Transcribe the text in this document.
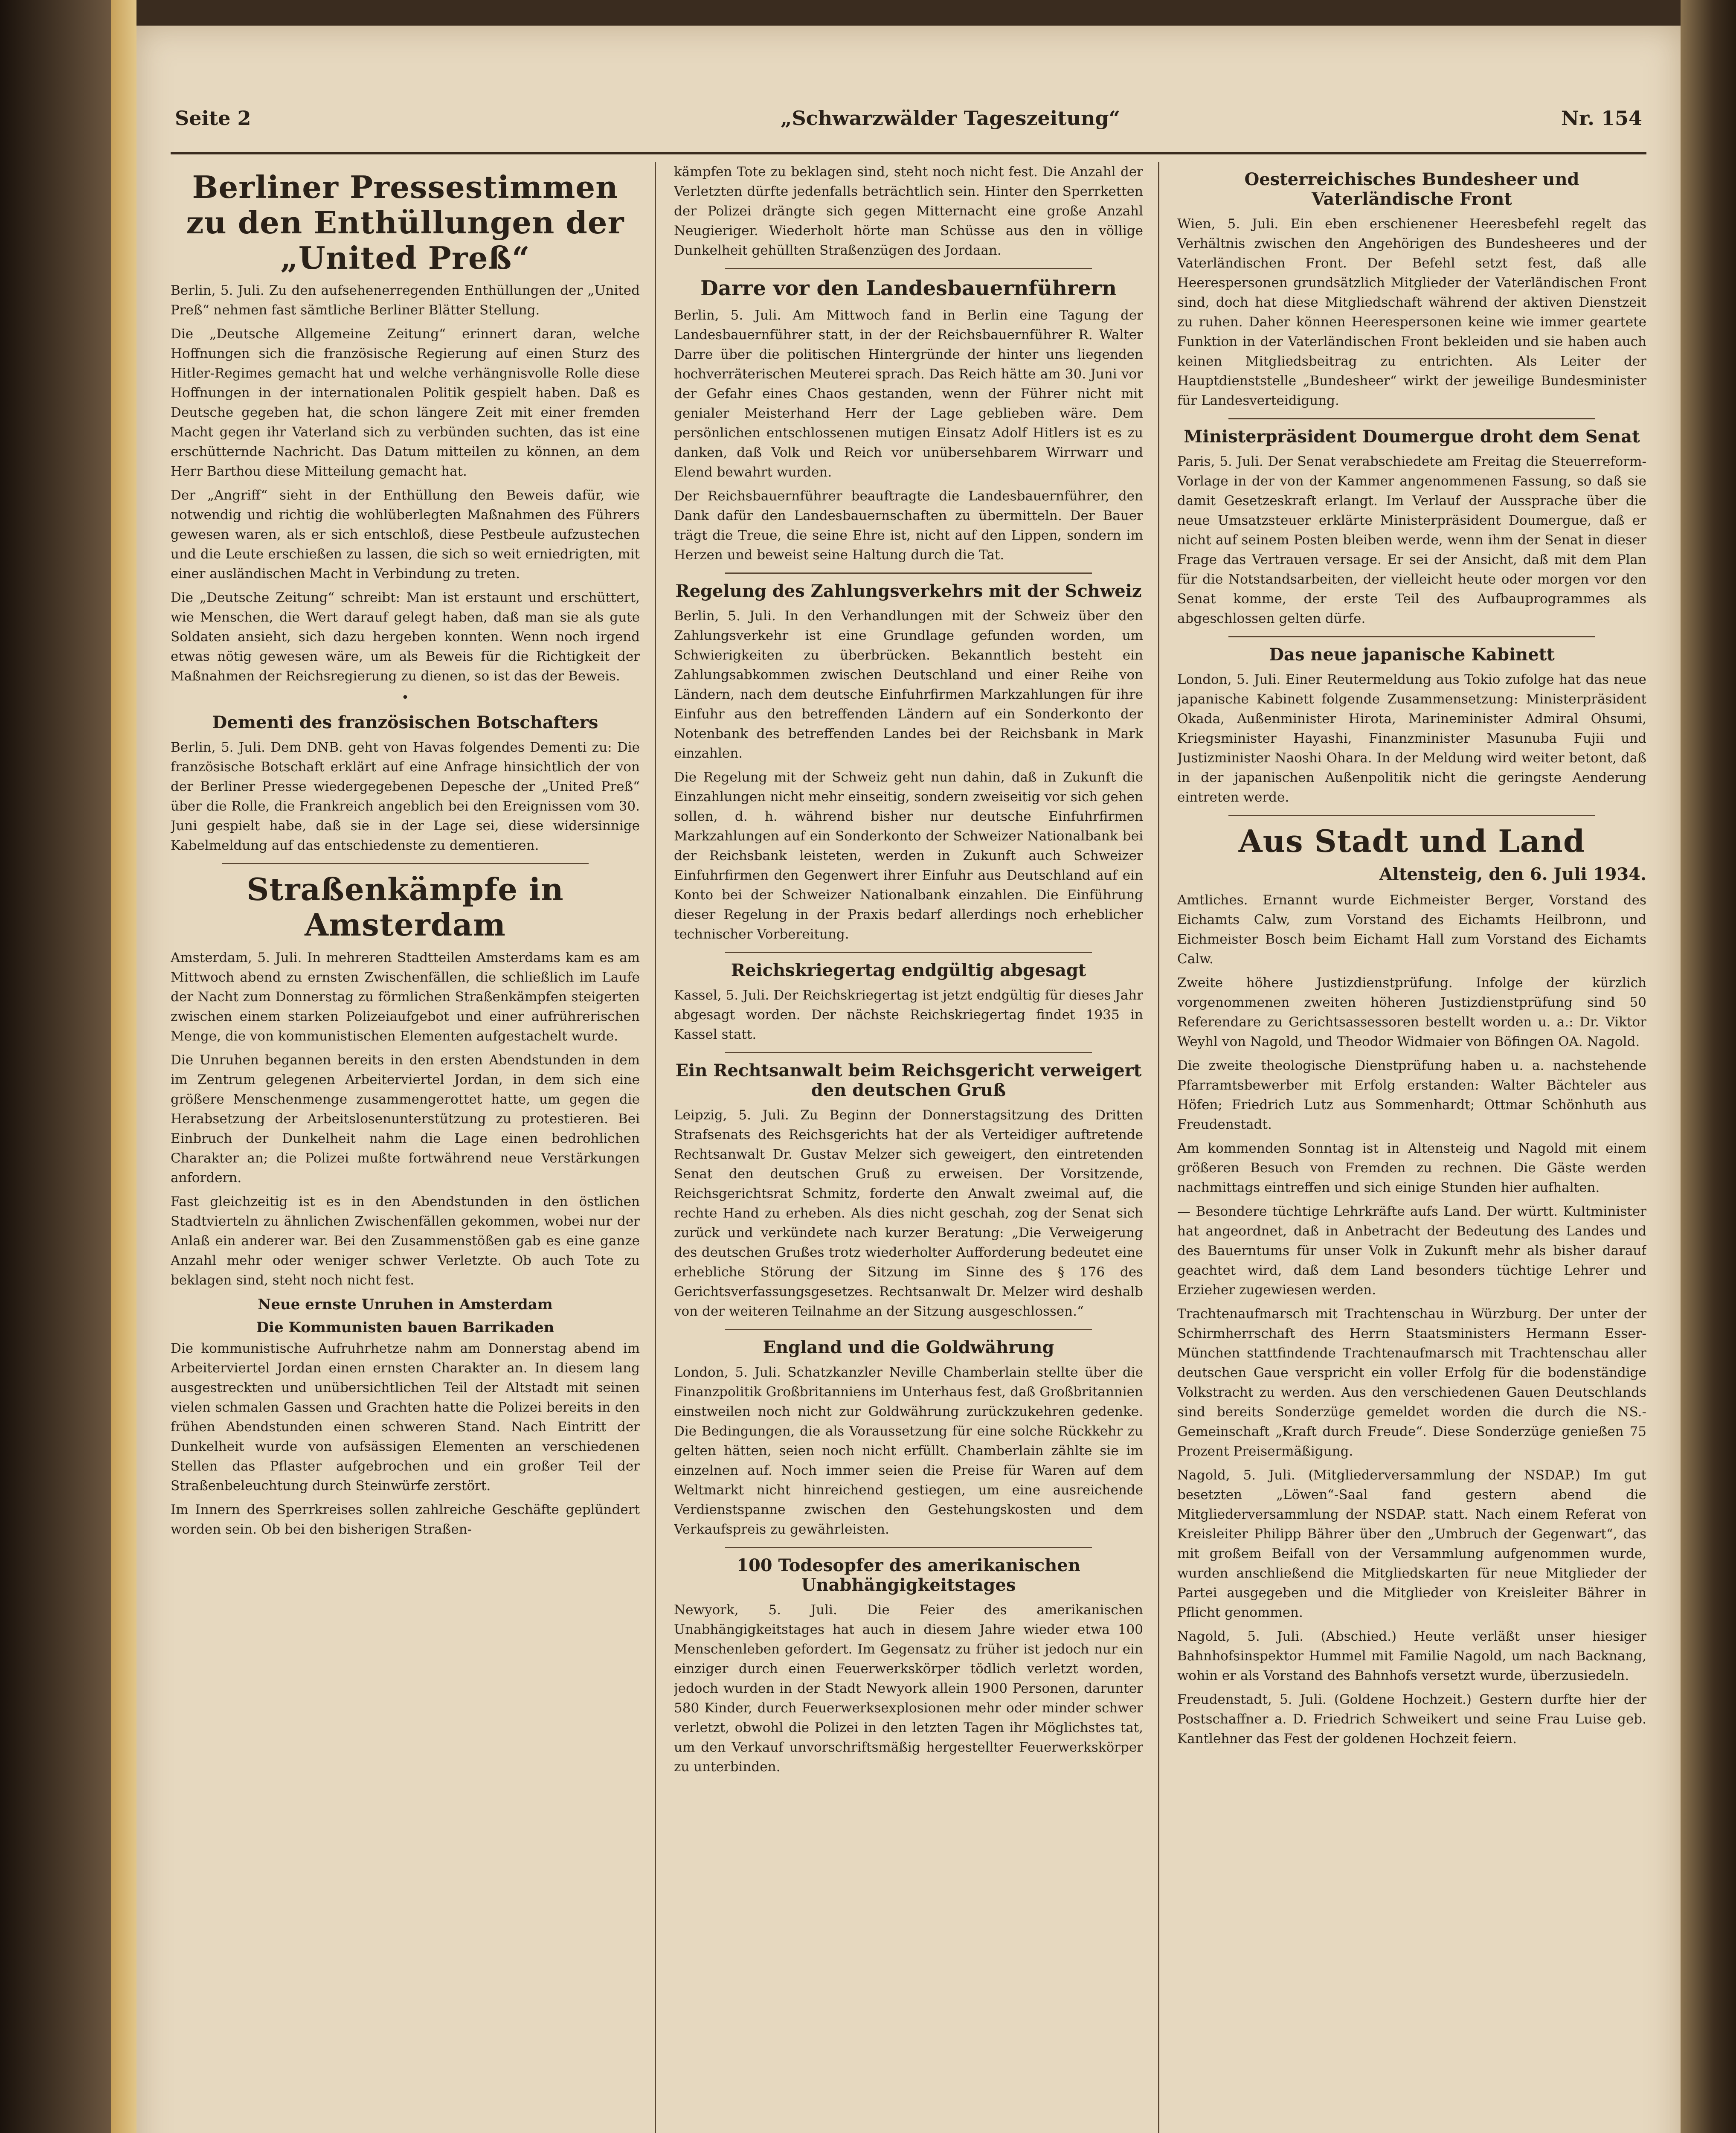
Seite 2	„Schwarzwälder Tageszeitung“	Nr. 154
Berliner Pressestimmen zu den Enthüllungen der „United Preß“

Berlin, 5. Juli. Zu den aufsehenerregenden Enthüllungen der „United Preß“ nehmen fast sämtliche Berliner Blätter Stellung.

Die „Deutsche Allgemeine Zeitung“ erinnert daran, welche Hoffnungen sich die französische Regierung auf einen Sturz des Hitler-Regimes gemacht hat und welche verhängnisvolle Rolle diese Hoffnungen in der internationalen Politik gespielt haben. Daß es Deutsche gegeben hat, die schon längere Zeit mit einer fremden Macht gegen ihr Vaterland sich zu verbünden suchten, das ist eine erschütternde Nachricht. Das Datum mitteilen zu können, an dem Herr Barthou diese Mitteilung gemacht hat.

Der „Angriff“ sieht in der Enthüllung den Beweis dafür, wie notwendig und richtig die wohlüberlegten Maßnahmen des Führers gewesen waren, als er sich entschloß, diese Pestbeule aufzustechen und die Leute erschießen zu lassen, die sich so weit erniedrigten, mit einer ausländischen Macht in Verbindung zu treten.

Die „Deutsche Zeitung“ schreibt: Man ist erstaunt und erschüttert, wie Menschen, die Wert darauf gelegt haben, daß man sie als gute Soldaten ansieht, sich dazu hergeben konnten. Wenn noch irgend etwas nötig gewesen wäre, um als Beweis für die Richtigkeit der Maßnahmen der Reichsregierung zu dienen, so ist das der Beweis.

•
Dementi des französischen Botschafters

Berlin, 5. Juli. Dem DNB. geht von Havas folgendes Dementi zu: Die französische Botschaft erklärt auf eine Anfrage hinsichtlich der von der Berliner Presse wiedergegebenen Depesche der „United Preß“ über die Rolle, die Frankreich angeblich bei den Ereignissen vom 30. Juni gespielt habe, daß sie in der Lage sei, diese widersinnige Kabelmeldung auf das entschiedenste zu dementieren.

Straßenkämpfe in Amsterdam

Amsterdam, 5. Juli. In mehreren Stadtteilen Amsterdams kam es am Mittwoch abend zu ernsten Zwischenfällen, die schließlich im Laufe der Nacht zum Donnerstag zu förmlichen Straßenkämpfen steigerten zwischen einem starken Polizeiaufgebot und einer aufrührerischen Menge, die von kommunistischen Elementen aufgestachelt wurde.

Die Unruhen begannen bereits in den ersten Abendstunden in dem im Zentrum gelegenen Arbeiterviertel Jordan, in dem sich eine größere Menschenmenge zusammengerottet hatte, um gegen die Herabsetzung der Arbeitslosenunterstützung zu protestieren. Bei Einbruch der Dunkelheit nahm die Lage einen bedrohlichen Charakter an; die Polizei mußte fortwährend neue Verstärkungen anfordern.

Fast gleichzeitig ist es in den Abendstunden in den östlichen Stadtvierteln zu ähnlichen Zwischenfällen gekommen, wobei nur der Anlaß ein anderer war. Bei den Zusammenstößen gab es eine ganze Anzahl mehr oder weniger schwer Verletzte. Ob auch Tote zu beklagen sind, steht noch nicht fest.

Neue ernste Unruhen in Amsterdam
Die Kommunisten bauen Barrikaden

Die kommunistische Aufruhrhetze nahm am Donnerstag abend im Arbeiterviertel Jordan einen ernsten Charakter an. In diesem lang ausgestreckten und unübersichtlichen Teil der Altstadt mit seinen vielen schmalen Gassen und Grachten hatte die Polizei bereits in den frühen Abendstunden einen schweren Stand. Nach Eintritt der Dunkelheit wurde von aufsässigen Elementen an verschiedenen Stellen das Pflaster aufgebrochen und ein großer Teil der Straßenbeleuchtung durch Steinwürfe zerstört.

Im Innern des Sperrkreises sollen zahlreiche Geschäfte geplündert worden sein. Ob bei den bisherigen Straßen-

kämpfen Tote zu beklagen sind, steht noch nicht fest. Die Anzahl der Verletzten dürfte jedenfalls beträchtlich sein. Hinter den Sperrketten der Polizei drängte sich gegen Mitternacht eine große Anzahl Neugieriger. Wiederholt hörte man Schüsse aus den in völlige Dunkelheit gehüllten Straßenzügen des Jordaan.

Darre vor den Landesbauernführern

Berlin, 5. Juli. Am Mittwoch fand in Berlin eine Tagung der Landesbauernführer statt, in der der Reichsbauernführer R. Walter Darre über die politischen Hintergründe der hinter uns liegenden hochverräterischen Meuterei sprach. Das Reich hätte am 30. Juni vor der Gefahr eines Chaos gestanden, wenn der Führer nicht mit genialer Meisterhand Herr der Lage geblieben wäre. Dem persönlichen entschlossenen mutigen Einsatz Adolf Hitlers ist es zu danken, daß Volk und Reich vor unübersehbarem Wirrwarr und Elend bewahrt wurden.

Der Reichsbauernführer beauftragte die Landesbauernführer, den Dank dafür den Landesbauernschaften zu übermitteln. Der Bauer trägt die Treue, die seine Ehre ist, nicht auf den Lippen, sondern im Herzen und beweist seine Haltung durch die Tat.

Regelung des Zahlungsverkehrs mit der Schweiz

Berlin, 5. Juli. In den Verhandlungen mit der Schweiz über den Zahlungsverkehr ist eine Grundlage gefunden worden, um Schwierigkeiten zu überbrücken. Bekanntlich besteht ein Zahlungsabkommen zwischen Deutschland und einer Reihe von Ländern, nach dem deutsche Einfuhrfirmen Markzahlungen für ihre Einfuhr aus den betreffenden Ländern auf ein Sonderkonto der Notenbank des betreffenden Landes bei der Reichsbank in Mark einzahlen.

Die Regelung mit der Schweiz geht nun dahin, daß in Zukunft die Einzahlungen nicht mehr einseitig, sondern zweiseitig vor sich gehen sollen, d. h. während bisher nur deutsche Einfuhrfirmen Markzahlungen auf ein Sonderkonto der Schweizer Nationalbank bei der Reichsbank leisteten, werden in Zukunft auch Schweizer Einfuhrfirmen den Gegenwert ihrer Einfuhr aus Deutschland auf ein Konto bei der Schweizer Nationalbank einzahlen. Die Einführung dieser Regelung in der Praxis bedarf allerdings noch erheblicher technischer Vorbereitung.

Reichskriegertag endgültig abgesagt

Kassel, 5. Juli. Der Reichskriegertag ist jetzt endgültig für dieses Jahr abgesagt worden. Der nächste Reichskriegertag findet 1935 in Kassel statt.

Ein Rechtsanwalt beim Reichsgericht verweigert den deutschen Gruß

Leipzig, 5. Juli. Zu Beginn der Donnerstagsitzung des Dritten Strafsenats des Reichsgerichts hat der als Verteidiger auftretende Rechtsanwalt Dr. Gustav Melzer sich geweigert, den eintretenden Senat den deutschen Gruß zu erweisen. Der Vorsitzende, Reichsgerichtsrat Schmitz, forderte den Anwalt zweimal auf, die rechte Hand zu erheben. Als dies nicht geschah, zog der Senat sich zurück und verkündete nach kurzer Beratung: „Die Verweigerung des deutschen Grußes trotz wiederholter Aufforderung bedeutet eine erhebliche Störung der Sitzung im Sinne des § 176 des Gerichtsverfassungsgesetzes. Rechtsanwalt Dr. Melzer wird deshalb von der weiteren Teilnahme an der Sitzung ausgeschlossen.“

England und die Goldwährung

London, 5. Juli. Schatzkanzler Neville Chamberlain stellte über die Finanzpolitik Großbritanniens im Unterhaus fest, daß Großbritannien einstweilen noch nicht zur Goldwährung zurückzukehren gedenke. Die Bedingungen, die als Voraussetzung für eine solche Rückkehr zu gelten hätten, seien noch nicht erfüllt. Chamberlain zählte sie im einzelnen auf. Noch immer seien die Preise für Waren auf dem Weltmarkt nicht hinreichend gestiegen, um eine ausreichende Verdienstspanne zwischen den Gestehungskosten und dem Verkaufspreis zu gewährleisten.

100 Todesopfer des amerikanischen Unabhängigkeitstages

Newyork, 5. Juli. Die Feier des amerikanischen Unabhängigkeitstages hat auch in diesem Jahre wieder etwa 100 Menschenleben gefordert. Im Gegensatz zu früher ist jedoch nur ein einziger durch einen Feuerwerkskörper tödlich verletzt worden, jedoch wurden in der Stadt Newyork allein 1900 Personen, darunter 580 Kinder, durch Feuerwerksexplosionen mehr oder minder schwer verletzt, obwohl die Polizei in den letzten Tagen ihr Möglichstes tat, um den Verkauf unvorschriftsmäßig hergestellter Feuerwerkskörper zu unterbinden.

Oesterreichisches Bundesheer und Vaterländische Front

Wien, 5. Juli. Ein eben erschienener Heeresbefehl regelt das Verhältnis zwischen den Angehörigen des Bundesheeres und der Vaterländischen Front. Der Befehl setzt fest, daß alle Heerespersonen grundsätzlich Mitglieder der Vaterländischen Front sind, doch hat diese Mitgliedschaft während der aktiven Dienstzeit zu ruhen. Daher können Heerespersonen keine wie immer geartete Funktion in der Vaterländischen Front bekleiden und sie haben auch keinen Mitgliedsbeitrag zu entrichten. Als Leiter der Hauptdienststelle „Bundesheer“ wirkt der jeweilige Bundesminister für Landesverteidigung.

Ministerpräsident Doumergue droht dem Senat

Paris, 5. Juli. Der Senat verabschiedete am Freitag die Steuerreform-Vorlage in der von der Kammer angenommenen Fassung, so daß sie damit Gesetzeskraft erlangt. Im Verlauf der Aussprache über die neue Umsatzsteuer erklärte Ministerpräsident Doumergue, daß er nicht auf seinem Posten bleiben werde, wenn ihm der Senat in dieser Frage das Vertrauen versage. Er sei der Ansicht, daß mit dem Plan für die Notstandsarbeiten, der vielleicht heute oder morgen vor den Senat komme, der erste Teil des Aufbauprogrammes als abgeschlossen gelten dürfe.

Das neue japanische Kabinett

London, 5. Juli. Einer Reutermeldung aus Tokio zufolge hat das neue japanische Kabinett folgende Zusammensetzung: Ministerpräsident Okada, Außenminister Hirota, Marineminister Admiral Ohsumi, Kriegsminister Hayashi, Finanzminister Masunuba Fujii und Justizminister Naoshi Ohara. In der Meldung wird weiter betont, daß in der japanischen Außenpolitik nicht die geringste Aenderung eintreten werde.

Aus Stadt und Land
Altensteig, den 6. Juli 1934.

Amtliches. Ernannt wurde Eichmeister Berger, Vorstand des Eichamts Calw, zum Vorstand des Eichamts Heilbronn, und Eichmeister Bosch beim Eichamt Hall zum Vorstand des Eichamts Calw.

Zweite höhere Justizdienstprüfung. Infolge der kürzlich vorgenommenen zweiten höheren Justizdienstprüfung sind 50 Referendare zu Gerichtsassessoren bestellt worden u. a.: Dr. Viktor Weyhl von Nagold, und Theodor Widmaier von Böfingen OA. Nagold.

Die zweite theologische Dienstprüfung haben u. a. nachstehende Pfarramtsbewerber mit Erfolg erstanden: Walter Bächteler aus Höfen; Friedrich Lutz aus Sommenhardt; Ottmar Schönhuth aus Freudenstadt.

Am kommenden Sonntag ist in Altensteig und Nagold mit einem größeren Besuch von Fremden zu rechnen. Die Gäste werden nachmittags eintreffen und sich einige Stunden hier aufhalten.

— Besondere tüchtige Lehrkräfte aufs Land. Der württ. Kultminister hat angeordnet, daß in Anbetracht der Bedeutung des Landes und des Bauerntums für unser Volk in Zukunft mehr als bisher darauf geachtet wird, daß dem Land besonders tüchtige Lehrer und Erzieher zugewiesen werden.

Trachtenaufmarsch mit Trachtenschau in Würzburg. Der unter der Schirmherrschaft des Herrn Staatsministers Hermann Esser-München stattfindende Trachtenaufmarsch mit Trachtenschau aller deutschen Gaue verspricht ein voller Erfolg für die bodenständige Volkstracht zu werden. Aus den verschiedenen Gauen Deutschlands sind bereits Sonderzüge gemeldet worden die durch die NS.-Gemeinschaft „Kraft durch Freude“. Diese Sonderzüge genießen 75 Prozent Preisermäßigung.

Nagold, 5. Juli. (Mitgliederversammlung der NSDAP.) Im gut besetzten „Löwen“-Saal fand gestern abend die Mitgliederversammlung der NSDAP. statt. Nach einem Referat von Kreisleiter Philipp Bährer über den „Umbruch der Gegenwart“, das mit großem Beifall von der Versammlung aufgenommen wurde, wurden anschließend die Mitgliedskarten für neue Mitglieder der Partei ausgegeben und die Mitglieder von Kreisleiter Bährer in Pflicht genommen.

Nagold, 5. Juli. (Abschied.) Heute verläßt unser hiesiger Bahnhofsinspektor Hummel mit Familie Nagold, um nach Backnang, wohin er als Vorstand des Bahnhofs versetzt wurde, überzusiedeln.

Freudenstadt, 5. Juli. (Goldene Hochzeit.) Gestern durfte hier der Postschaffner a. D. Friedrich Schweikert und seine Frau Luise geb. Kantlehner das Fest der goldenen Hochzeit feiern.
